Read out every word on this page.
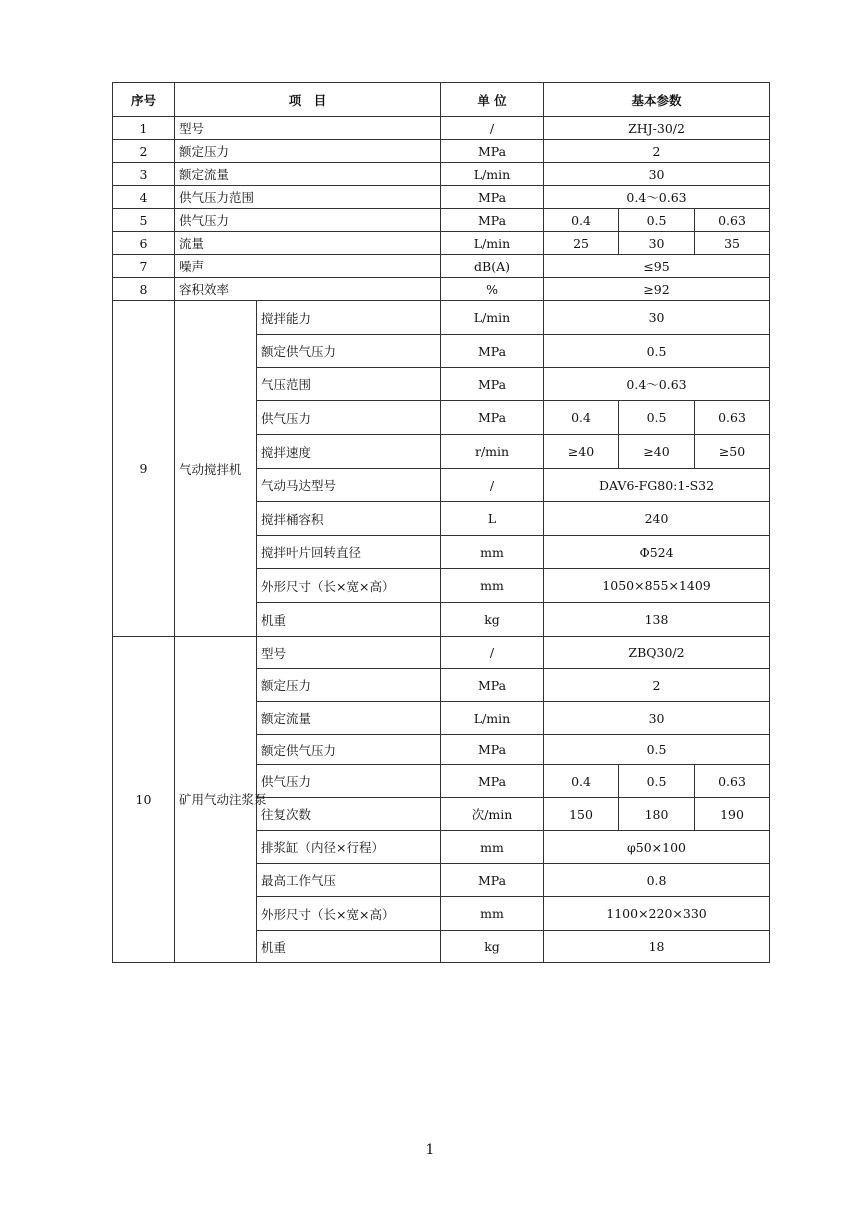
序号	项　目		单 位	基本参数		
1	型号		/	ZHJ-30/2		
2	额定压力		MPa	2		
3	额定流量		L/min	30		
4	供气压力范围		MPa	0.4～0.63		
5	供气压力		MPa	0.4	0.5	0.63
6	流量		L/min	25	30	35
7	噪声		dB(A)	≤95		
8	容积效率		%	≥92		
9	气动搅拌机	搅拌能力	L/min	30		
		额定供气压力	MPa	0.5		
		气压范围	MPa	0.4～0.63		
		供气压力	MPa	0.4	0.5	0.63
		搅拌速度	r/min	≥40	≥40	≥50
		气动马达型号	/	DAV6-FG80:1-S32		
		搅拌桶容积	L	240		
		搅拌叶片回转直径	mm	Φ524		
		外形尺寸（长×宽×高）	mm	1050×855×1409		
		机重	kg	138		
10	矿用气动注浆泵	型号	/	ZBQ30/2		
		额定压力	MPa	2		
		额定流量	L/min	30		
		额定供气压力	MPa	0.5		
		供气压力	MPa	0.4	0.5	0.63
		往复次数	次/min	150	180	190
		排浆缸（内径×行程）	mm	φ50×100		
		最高工作气压	MPa	0.8		
		外形尺寸（长×宽×高）	mm	1100×220×330		
		机重	kg	18		
1
